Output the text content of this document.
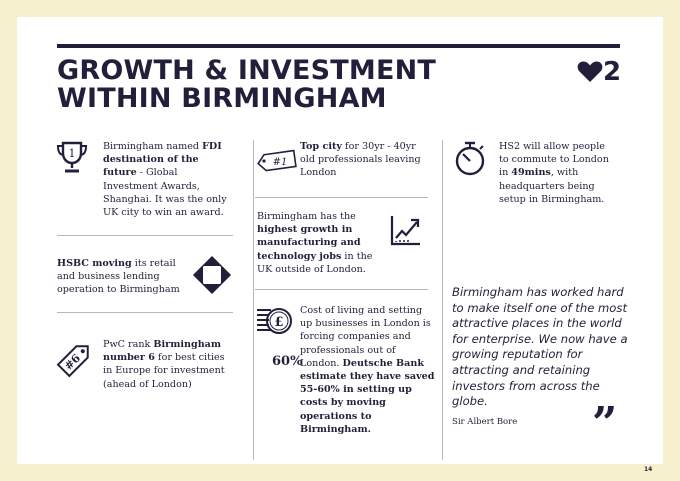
GROWTH & INVESTMENT
WITHIN BIRMINGHAM
2
1
Birmingham named FDI destination of the future - Global Investment Awards, Shanghai. It was the only UK city to win an award.
HSBC moving its retail and business lending operation to Birmingham
#6
PwC rank Birmingham number 6 for best cities in Europe for investment (ahead of London)
#1
Top city for 30yr - 40yr old professionals leaving London
Birmingham has the highest growth in manufacturing and technology jobs in the UK outside of London.
£
60%
Cost of living and setting up businesses in London is forcing companies and professionals out of London. Deutsche Bank estimate they have saved 55-60% in setting up costs by moving operations to Birmingham.
HS2 will allow people to commute to London in 49mins, with headquarters being setup in Birmingham.
Birmingham has worked hard to make itself one of the most attractive places in the world for enterprise. We now have a growing reputation for attracting and retaining investors from across the globe.
Sir Albert Bore ”
14
